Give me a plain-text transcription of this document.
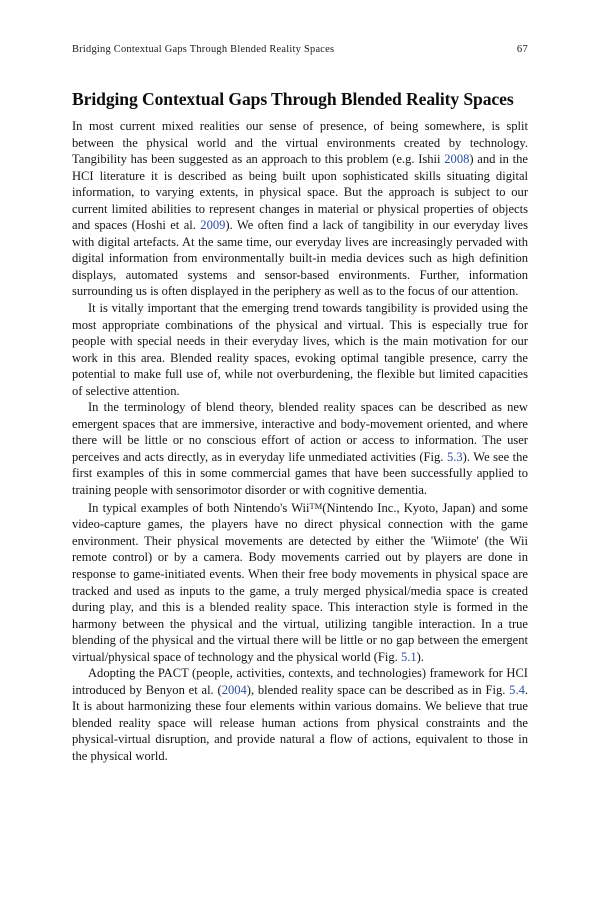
Bridging Contextual Gaps Through Blended Reality Spaces	67
Bridging Contextual Gaps Through Blended Reality Spaces

In most current mixed realities our sense of presence, of being somewhere, is split between the physical world and the virtual environments created by technology. Tangibility has been suggested as an approach to this problem (e.g. Ishii 2008) and in the HCI literature it is described as being built upon sophisticated skills situating digital information, to varying extents, in physical space. But the approach is subject to our current limited abilities to represent changes in material or physical properties of objects and spaces (Hoshi et al. 2009). We often find a lack of tangibility in our everyday lives with digital artefacts. At the same time, our everyday lives are increasingly pervaded with digital information from environmentally built-in media devices such as high definition displays, automated systems and sensor-based environments. Further, information surrounding us is often displayed in the periphery as well as to the focus of our attention.

It is vitally important that the emerging trend towards tangibility is provided using the most appropriate combinations of the physical and virtual. This is especially true for people with special needs in their everyday lives, which is the main motivation for our work in this area. Blended reality spaces, evoking optimal tangible presence, carry the potential to make full use of, while not overburdening, the flexible but limited capacities of selective attention.

In the terminology of blend theory, blended reality spaces can be described as new emergent spaces that are immersive, interactive and body-movement oriented, and where there will be little or no conscious effort of action or access to information. The user perceives and acts directly, as in everyday life unmediated activities (Fig. 5.3). We see the first examples of this in some commercial games that have been successfully applied to training people with sensorimotor disorder or with cognitive dementia.

In typical examples of both Nintendo's Wii™(Nintendo Inc., Kyoto, Japan) and some video-capture games, the players have no direct physical connection with the game environment. Their physical movements are detected by either the 'Wiimote' (the Wii remote control) or by a camera. Body movements carried out by players are done in response to game-initiated events. When their free body movements in physical space are tracked and used as inputs to the game, a truly merged physical/media space is created during play, and this is a blended reality space. This interaction style is formed in the harmony between the physical and the virtual, utilizing tangible interaction. In a true blending of the physical and the virtual there will be little or no gap between the emergent virtual/physical space of technology and the physical world (Fig. 5.1).

Adopting the PACT (people, activities, contexts, and technologies) framework for HCI introduced by Benyon et al. (2004), blended reality space can be described as in Fig. 5.4. It is about harmonizing these four elements within various domains. We believe that true blended reality space will release human actions from physical constraints and the physical-virtual disruption, and provide natural a flow of actions, equivalent to those in the physical world.
